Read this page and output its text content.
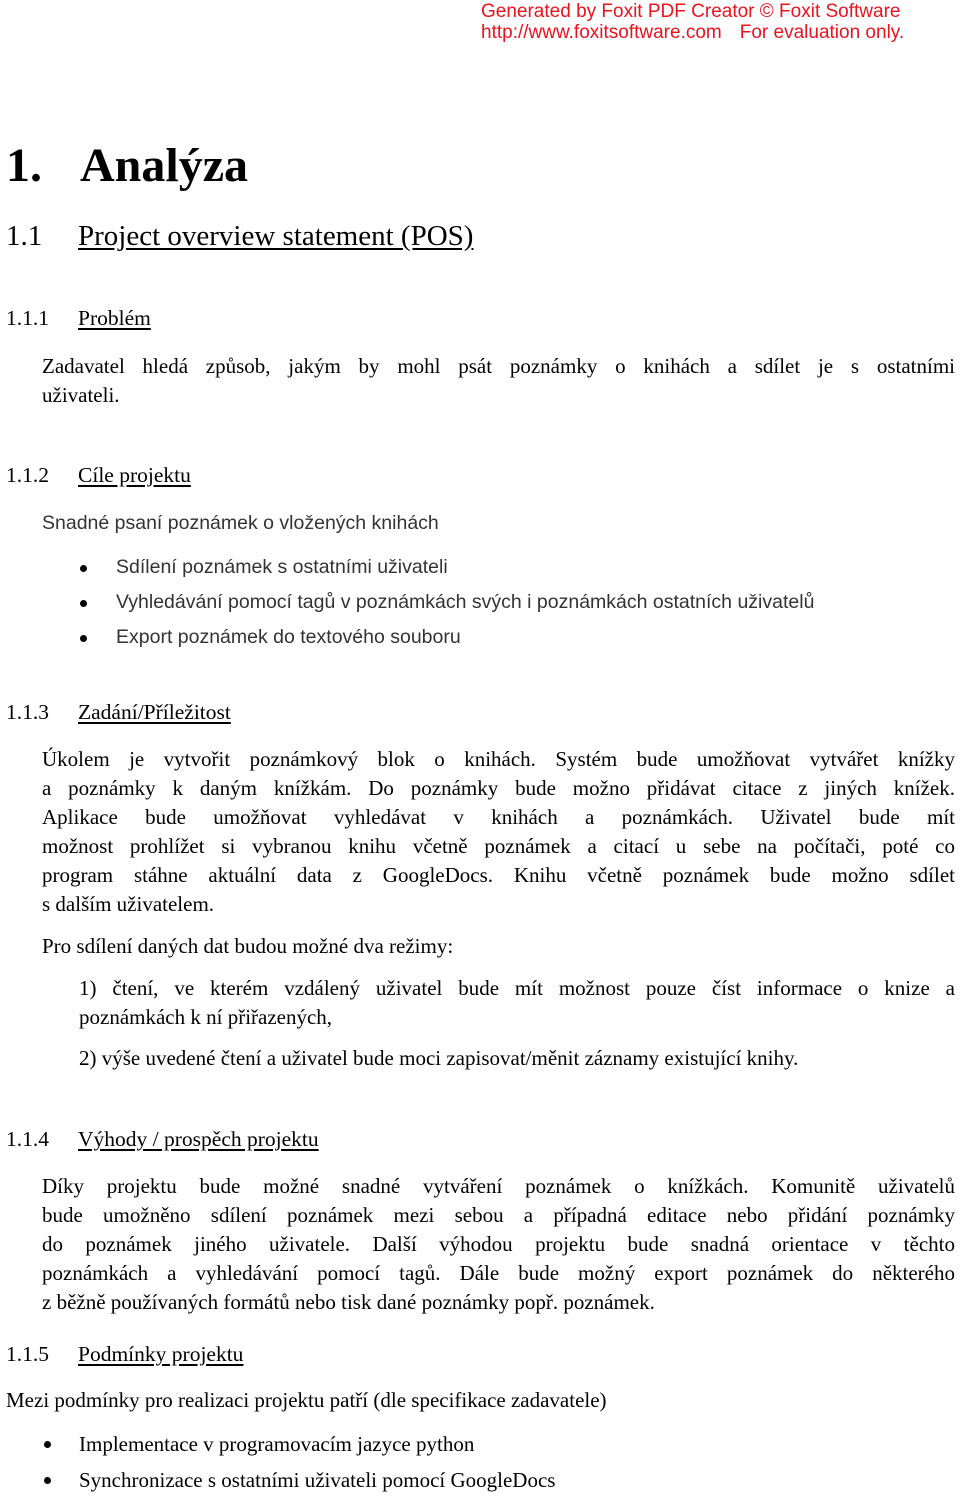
Generated by Foxit PDF Creator © Foxit Software
http://www.foxitsoftware.com For evaluation only.
1. Analýza
1.1 Project overview statement (POS)
1.1.1 Problém
Zadavatel hledá způsob, jakým by mohl psát poznámky o knihách a sdílet je s ostatními
uživateli.
1.1.2 Cíle projektu
Snadné psaní poznámek o vložených knihách
Sdílení poznámek s ostatními uživateli
Vyhledávání pomocí tagů v poznámkách svých i poznámkách ostatních uživatelů
Export poznámek do textového souboru
1.1.3 Zadání/Příležitost
Úkolem je vytvořit poznámkový blok o knihách. Systém bude umožňovat vytvářet knížky
a poznámky k daným knížkám. Do poznámky bude možno přidávat citace z jiných knížek.
Aplikace bude umožňovat vyhledávat v knihách a poznámkách. Uživatel bude mít
možnost prohlížet si vybranou knihu včetně poznámek a citací u sebe na počítači, poté co
program stáhne aktuální data z GoogleDocs. Knihu včetně poznámek bude možno sdílet
s dalším uživatelem.
Pro sdílení daných dat budou možné dva režimy:
1) čtení, ve kterém vzdálený uživatel bude mít možnost pouze číst informace o knize a
poznámkách k ní přiřazených,
2) výše uvedené čtení a uživatel bude moci zapisovat/měnit záznamy existující knihy.
1.1.4 Výhody / prospěch projektu
Díky projektu bude možné snadné vytváření poznámek o knížkách. Komunitě uživatelů
bude umožněno sdílení poznámek mezi sebou a případná editace nebo přidání poznámky
do poznámek jiného uživatele. Další výhodou projektu bude snadná orientace v těchto
poznámkách a vyhledávání pomocí tagů. Dále bude možný export poznámek do některého
z běžně používaných formátů nebo tisk dané poznámky popř. poznámek.
1.1.5 Podmínky projektu
Mezi podmínky pro realizaci projektu patří (dle specifikace zadavatele)
Implementace v programovacím jazyce python
Synchronizace s ostatními uživateli pomocí GoogleDocs
